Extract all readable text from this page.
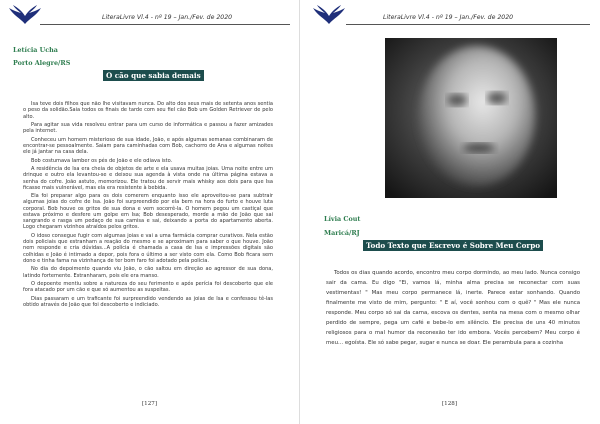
LiteraLivre Vl.4 - nº 19 – Jan./Fev. de 2020
Letícia Ucha
Porto Alegre/RS
O cão que sabia demais

Isa teve dois filhos que não lhe visitavam nunca. Do alto dos seus mais de setenta anos sentia o peso da solidão.Saia todos os finais de tarde com seu fiel cão Bob um Golden Retriever de pelo alto.

Para agitar sua vida resolveu entrar para um curso de informática e passou a fazer amizades pela internet.

Conheceu um homem misterioso de sua idade, João, e após algumas semanas combinaram de encontrar-se pessoalmente. Saiam para caminhadas com Bob, cachorro de Ana e algumas noites ele já jantar na casa dela.

Bob costumava lamber os pés de João e ele odiava isto.

A residência de Isa era cheia de objetos de arte e ela usava muitas joias. Uma noite entre um drinque e outro ela levantou-se e deixou sua agenda à vista onde na última página estava a senha do cofre. João astuto, memorizou. Ele tratou de servir mais whisky aos dois para que Isa ficasse mais vulnerável, mas ela era resistente à bebida.

Ela foi preparar algo para os dois comerem enquanto isso ele aproveitou-se para subtrair algumas joias do cofre de Isa. João foi surpreendido por ela bem na hora do furto e houve luta corporal. Bob houve os gritos de sua dona e vem socorrê-la. O homem pegou um castiçal que estava próximo e desfere um golpe em Isa; Bob desesperado, morde a mão de João que sai sangrando e rasga um pedaço de sua camisa e sai, deixando a porta do apartamento aberta. Logo chegaram vizinhos atraídos pelos gritos.

O idoso consegue fugir com algumas joias e vai a uma farmácia comprar curativos. Nela estão dois policiais que estranham a reação do mesmo e se aproximam para saber o que houve. João nem responde e cria dúvidas...A polícia é chamada a casa de Isa e impressões digitais são colhidas e João é intimado a depor, pois fora o último a ser visto com ela. Como Bob ficara sem dono e tinha fama na vizinhança de ter bom faro foi adotado pela polícia.

No dia do depoimento quando viu João, o cão saltou em direção ao agressor de sua dona, latindo fortemente. Estranharam, pois ele era manso.

O depoente mentiu sobre a natureza do seu ferimento e após perícia foi descoberto que ele fora atacado por um cão e que só aumentou as suspeitas.

Dias passaram e um traficante foi surpreendido vendendo as joias de Isa e confessou tê-las obtido através de João que foi descoberto e indiciado.

[127]
LiteraLivre Vl.4 - nº 19 – Jan./Fev. de 2020
Lívia Cout
Maricá/RJ
Todo Texto que Escrevo é Sobre Meu Corpo

Todos os dias quando acordo, encontro meu corpo dormindo, ao meu lado. Nunca consigo sair da cama. Eu digo "Ei, vamos lá, minha alma precisa se reconectar com suas vestimentas! " Mas meu corpo permanece lá, inerte. Parece estar sonhando. Quando finalmente me visto de mim, pergunto: " E aí, você sonhou com o quê? " Mas ele nunca responde. Meu corpo só sai da cama, escova os dentes, senta na mesa com o mesmo olhar perdido de sempre, pega um café e bebe-lo em silêncio. Ele precisa de uns 40 minutos religiosos para o mal humor da reconexão ter ido embora. Vocês percebem? Meu corpo é meu... egoísta. Ele só sabe pegar, sugar e nunca se doar. Ele perambula para a cozinha

[128]
